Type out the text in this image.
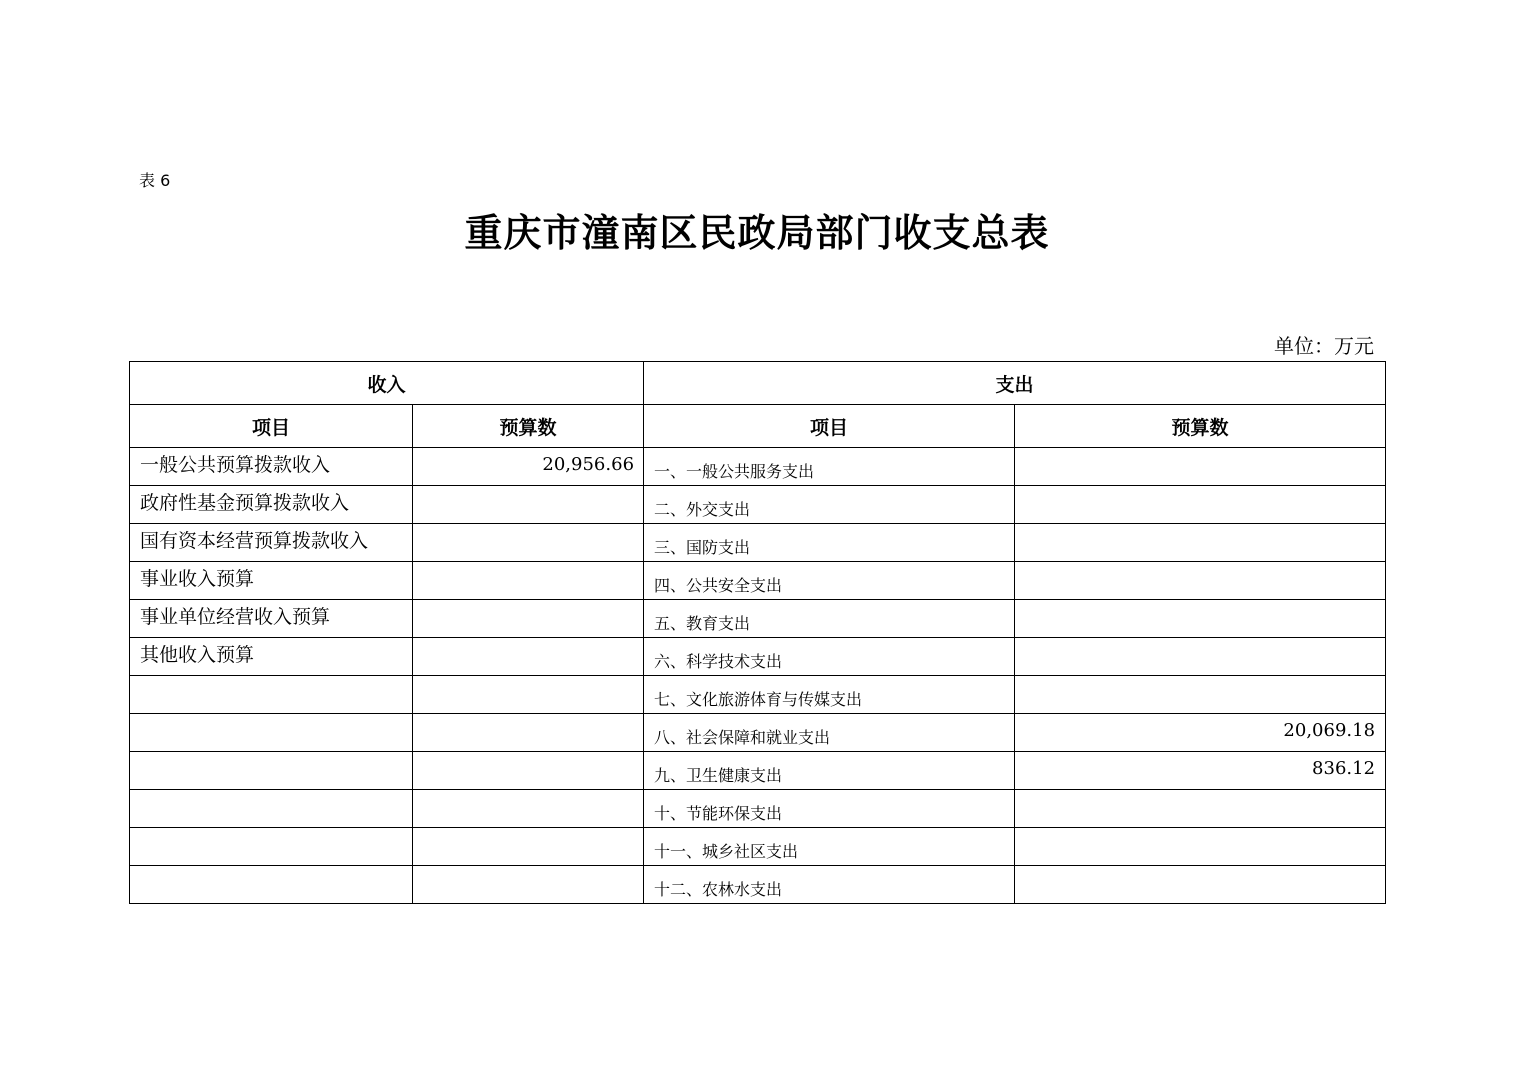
表 6
重庆市潼南区民政局部门收支总表
单位：万元
收入		支出	
项目	预算数	项目	预算数
一般公共预算拨款收入	20,956.66	一、一般公共服务支出	
政府性基金预算拨款收入		二、外交支出	
国有资本经营预算拨款收入		三、国防支出	
事业收入预算		四、公共安全支出	
事业单位经营收入预算		五、教育支出	
其他收入预算		六、科学技术支出	
		七、文化旅游体育与传媒支出	
		八、社会保障和就业支出	20,069.18
		九、卫生健康支出	836.12
		十、节能环保支出	
		十一、城乡社区支出	
		十二、农林水支出	
